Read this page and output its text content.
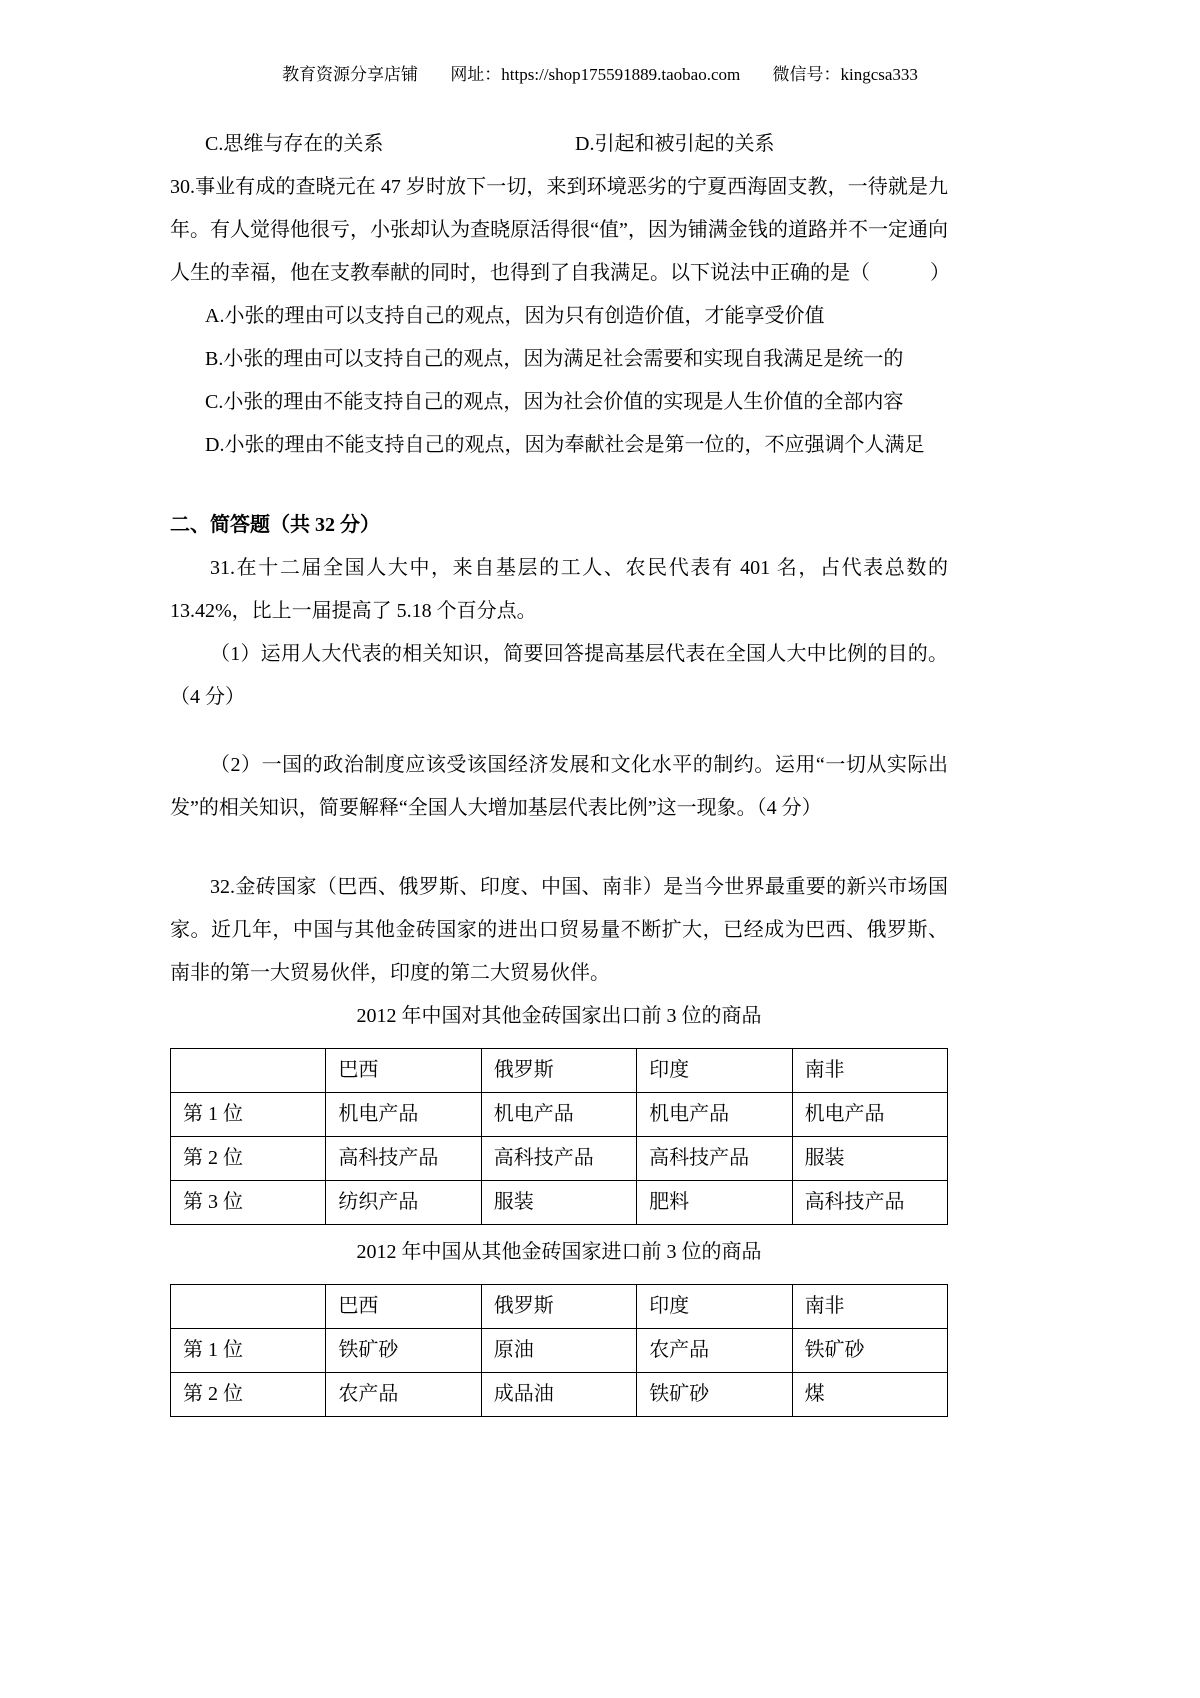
教育资源分享店铺 网址：https://shop175591889.taobao.com 微信号：kingcsa333
C.思维与存在的关系	D.引起和被引起的关系

30.事业有成的查晓元在 47 岁时放下一切，来到环境恶劣的宁夏西海固支教，一待就是九年。有人觉得他很亏，小张却认为查晓原活得很“值”，因为铺满金钱的道路并不一定通向人生的幸福，他在支教奉献的同时，也得到了自我满足。以下说法中正确的是（　　　）

A.小张的理由可以支持自己的观点，因为只有创造价值，才能享受价值

B.小张的理由可以支持自己的观点，因为满足社会需要和实现自我满足是统一的

C.小张的理由不能支持自己的观点，因为社会价值的实现是人生价值的全部内容

D.小张的理由不能支持自己的观点，因为奉献社会是第一位的，不应强调个人满足

二、简答题（共 32 分）

31.在十二届全国人大中，来自基层的工人、农民代表有 401 名，占代表总数的 13.42%，比上一届提高了 5.18 个百分点。

（1）运用人大代表的相关知识，简要回答提高基层代表在全国人大中比例的目的。（4 分）

（2）一国的政治制度应该受该国经济发展和文化水平的制约。运用“一切从实际出发”的相关知识，简要解释“全国人大增加基层代表比例”这一现象。（4 分）

32.金砖国家（巴西、俄罗斯、印度、中国、南非）是当今世界最重要的新兴市场国家。近几年，中国与其他金砖国家的进出口贸易量不断扩大，已经成为巴西、俄罗斯、南非的第一大贸易伙伴，印度的第二大贸易伙伴。

2012 年中国对其他金砖国家出口前 3 位的商品

	巴西	俄罗斯	印度	南非
第 1 位	机电产品	机电产品	机电产品	机电产品
第 2 位	高科技产品	高科技产品	高科技产品	服装
第 3 位	纺织产品	服装	肥料	高科技产品

2012 年中国从其他金砖国家进口前 3 位的商品

	巴西	俄罗斯	印度	南非
第 1 位	铁矿砂	原油	农产品	铁矿砂
第 2 位	农产品	成品油	铁矿砂	煤
